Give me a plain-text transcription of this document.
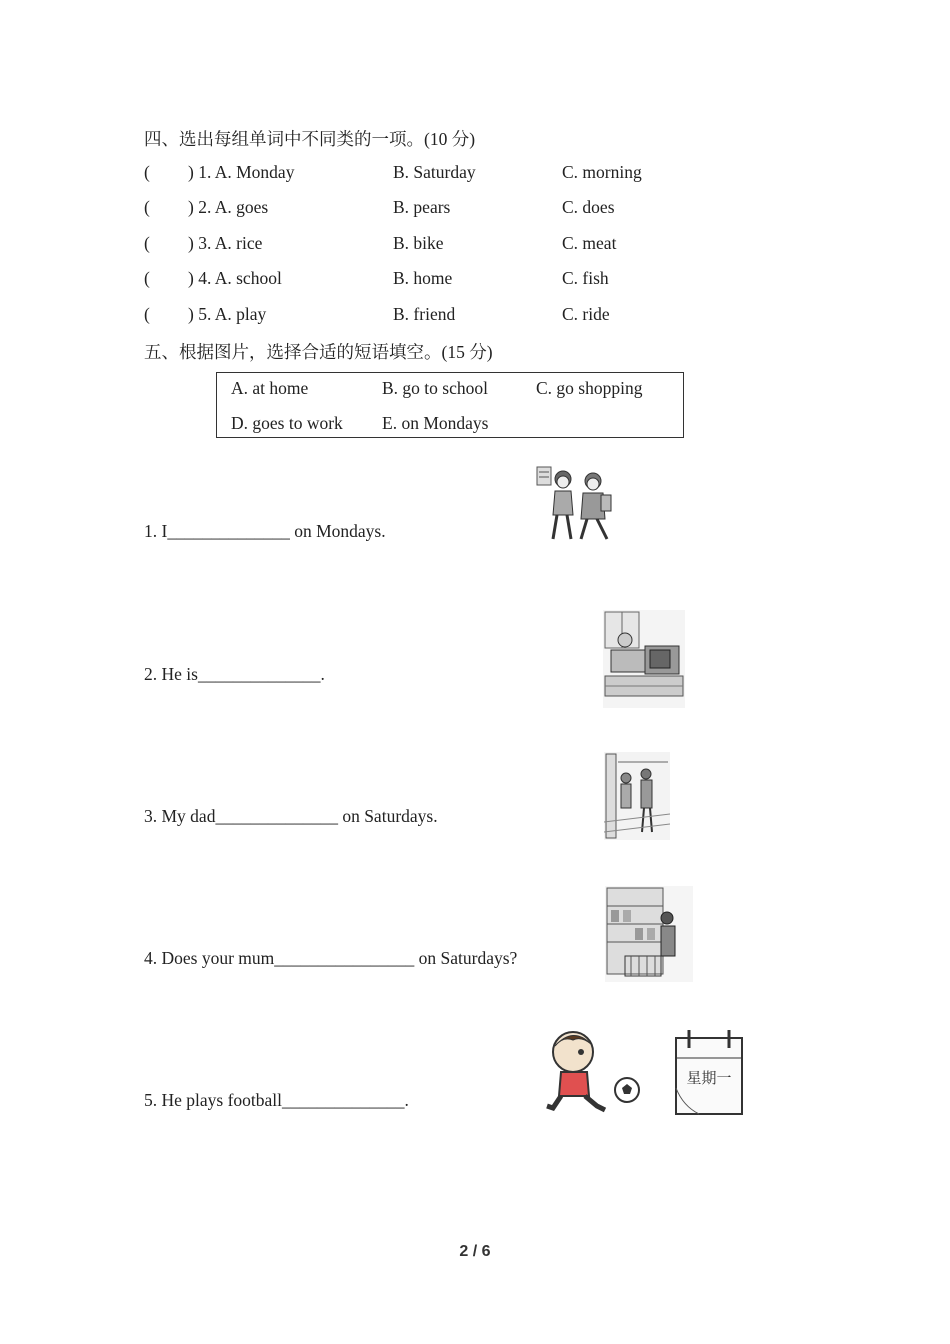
四、选出每组单词中不同类的一项。(10 分)
( ) 1. A. Monday	B. Saturday	C. morning
( ) 2. A. goes	B. pears	C. does
( ) 3. A. rice	B. bike	C. meat
( ) 4. A. school	B. home	C. fish
( ) 5. A. play	B. friend	C. ride
五、根据图片，选择合适的短语填空。(15 分)
A. at home	B. go to school	C. go shopping
D. goes to work E. on Mondays
1. I______________ on Mondays.
2. He is______________.
3. My dad______________ on Saturdays.
4. Does your mum________________ on Saturdays?
5. He plays football______________.
星期一
2 / 6
